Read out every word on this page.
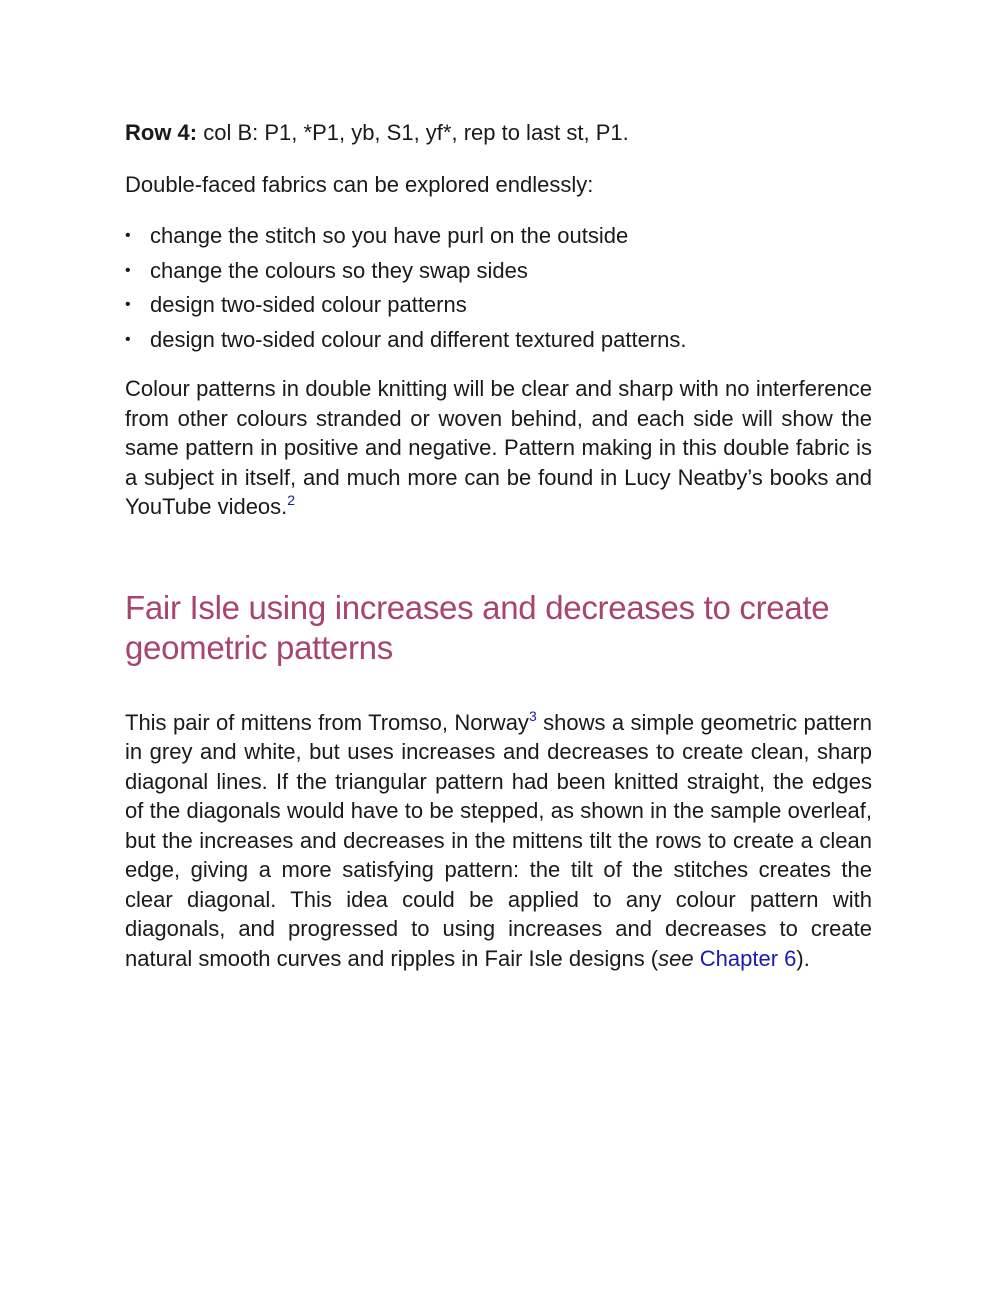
Row 4: col B: P1, *P1, yb, S1, yf*, rep to last st, P1.

Double-faced fabrics can be explored endlessly:

• change the stitch so you have purl on the outside
• change the colours so they swap sides
• design two-sided colour patterns
• design two-sided colour and different textured patterns.

Colour patterns in double knitting will be clear and sharp with no interference from other colours stranded or woven behind, and each side will show the same pattern in positive and negative. Pattern making in this double fabric is a subject in itself, and much more can be found in Lucy Neatby’s books and YouTube videos.$^2$

Fair Isle using increases and decreases to create geometric patterns

This pair of mittens from Tromso, Norway$^3$ shows a simple geometric pattern in grey and white, but uses increases and decreases to create clean, sharp diagonal lines. If the triangular pattern had been knitted straight, the edges of the diagonals would have to be stepped, as shown in the sample overleaf, but the increases and decreases in the mittens tilt the rows to create a clean edge, giving a more satisfying pattern: the tilt of the stitches creates the clear diagonal. This idea could be applied to any colour pattern with diagonals, and progressed to using increases and decreases to create natural smooth curves and ripples in Fair Isle designs (see Chapter 6).
